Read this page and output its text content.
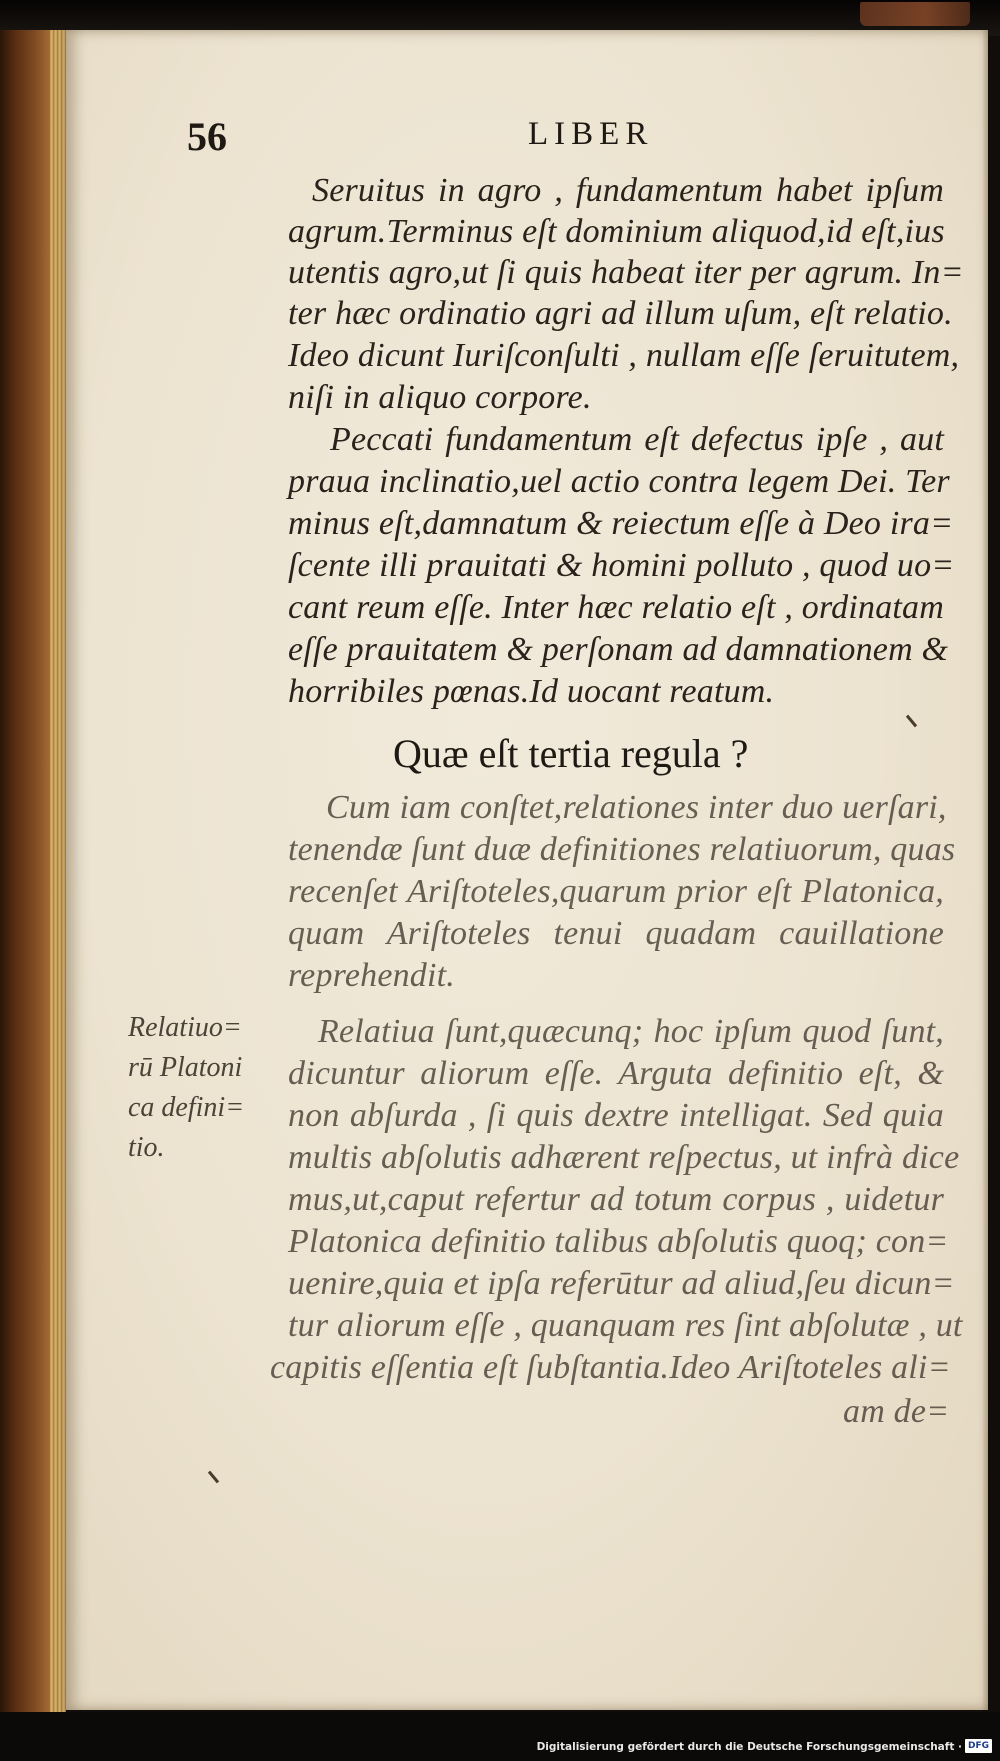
56	LIBER
Seruitus in agro , fundamentum habet ipſum
agrum.Terminus eſt dominium aliquod,id eſt,ius
utentis agro,ut ſi quis habeat iter per agrum. In=
ter hæc ordinatio agri ad illum uſum, eſt relatio.
Ideo dicunt Iuriſconſulti , nullam eſſe ſeruitutem,
niſi in aliquo corpore.
Peccati fundamentum eſt defectus ipſe , aut
praua inclinatio,uel actio contra legem Dei. Ter
minus eſt,damnatum & reiectum eſſe à Deo ira=
ſcente illi prauitati & homini polluto , quod uo=
cant reum eſſe. Inter hæc relatio eſt , ordinatam
eſſe prauitatem & perſonam ad damnationem &
horribiles pœnas.Id uocant reatum.
Quæ eſt tertia regula ?
Cum iam conſtet,relationes inter duo uerſari,
tenendæ ſunt duæ definitiones relatiuorum, quas
recenſet Ariſtoteles,quarum prior eſt Platonica,
quam Ariſtoteles tenui quadam cauillatione
reprehendit.
Relatiuo=
rū Platoni
ca defini=
tio.
Relatiua ſunt,quæcunq; hoc ipſum quod ſunt,
dicuntur aliorum eſſe. Arguta definitio eſt, &
non abſurda , ſi quis dextre intelligat. Sed quia
multis abſolutis adhærent reſpectus, ut infrà dice
mus,ut,caput refertur ad totum corpus , uidetur
Platonica definitio talibus abſolutis quoq; con=
uenire,quia et ipſa referūtur ad aliud,ſeu dicun=
tur aliorum eſſe , quanquam res ſint abſolutæ , ut
capitis eſſentia eſt ſubſtantia.Ideo Ariſtoteles ali=
am de=
Digitalisierung gefördert durch die Deutsche Forschungsgemeinschaft · DFG
